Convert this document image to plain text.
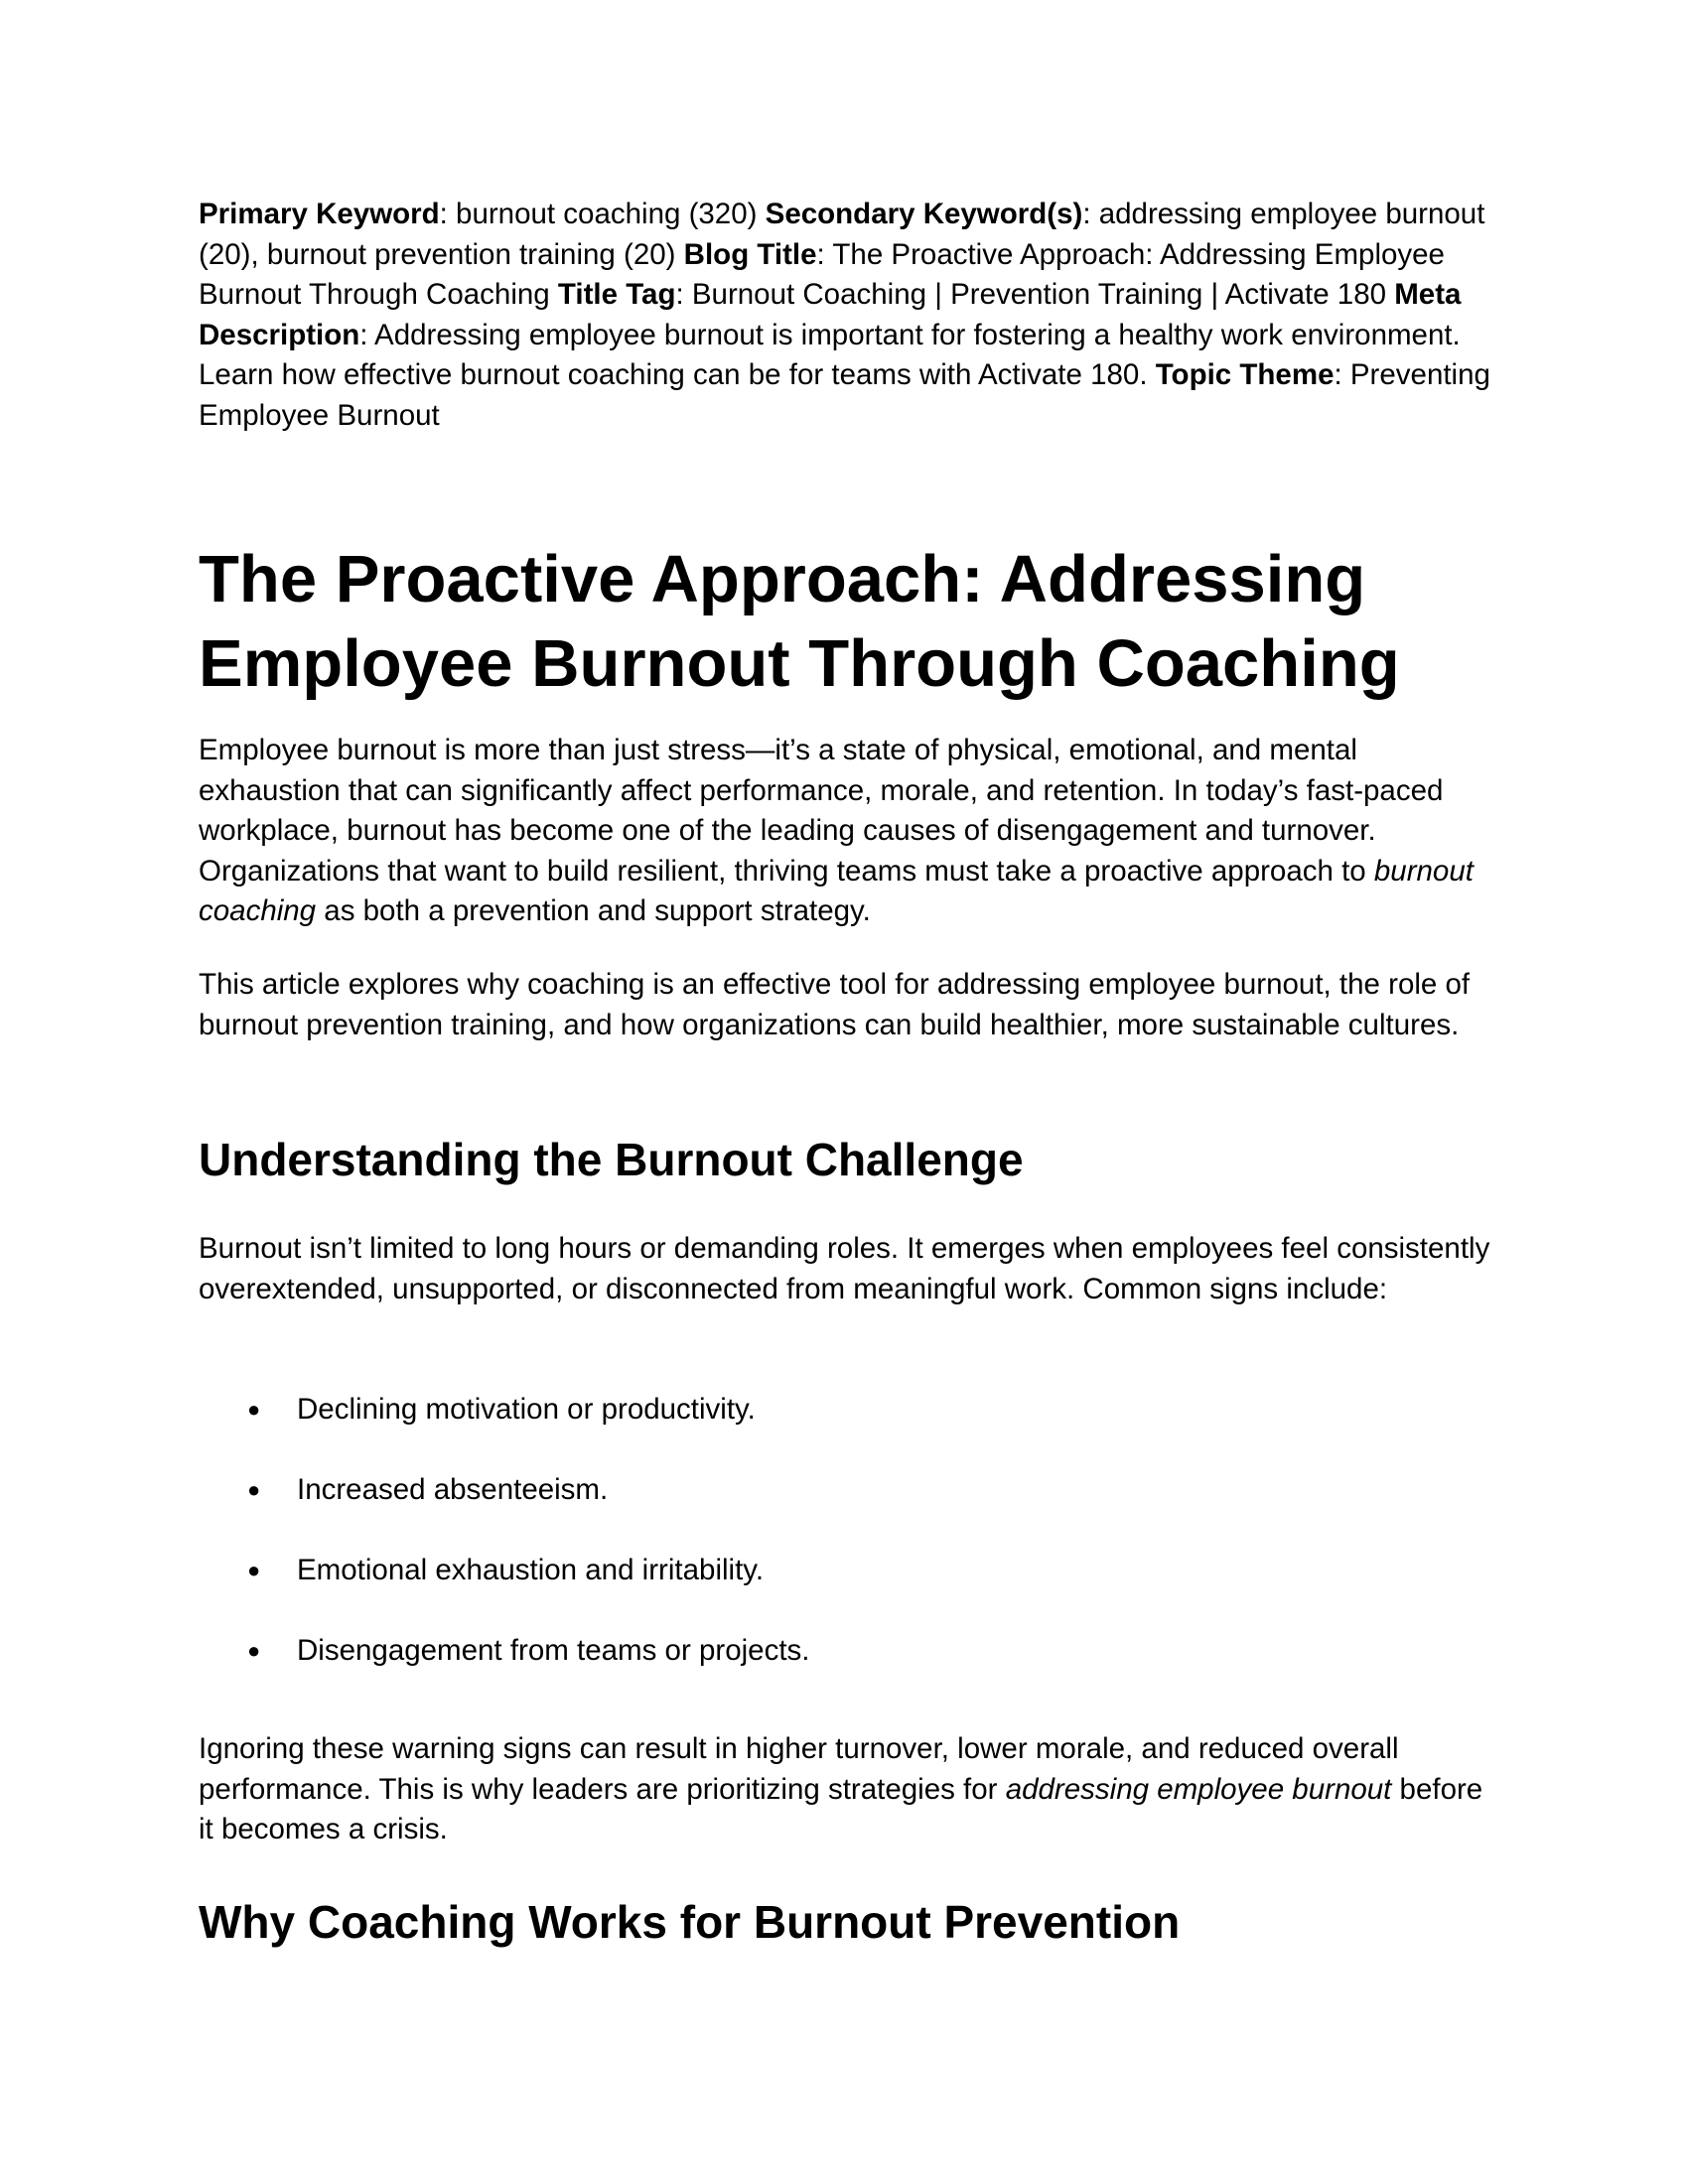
Primary Keyword: burnout coaching (320) Secondary Keyword(s): addressing employee burnout (20), burnout prevention training (20) Blog Title: The Proactive Approach: Addressing Employee Burnout Through Coaching Title Tag: Burnout Coaching | Prevention Training | Activate 180 Meta Description: Addressing employee burnout is important for fostering a healthy work environment. Learn how effective burnout coaching can be for teams with Activate 180. Topic Theme: Preventing Employee Burnout

The Proactive Approach: Addressing Employee Burnout Through Coaching

Employee burnout is more than just stress—it’s a state of physical, emotional, and mental exhaustion that can significantly affect performance, morale, and retention. In today’s fast-paced workplace, burnout has become one of the leading causes of disengagement and turnover. Organizations that want to build resilient, thriving teams must take a proactive approach to burnout coaching as both a prevention and support strategy.

This article explores why coaching is an effective tool for addressing employee burnout, the role of burnout prevention training, and how organizations can build healthier, more sustainable cultures.

Understanding the Burnout Challenge

Burnout isn’t limited to long hours or demanding roles. It emerges when employees feel consistently overextended, unsupported, or disconnected from meaningful work. Common signs include:

● Declining motivation or productivity.
● Increased absenteeism.
● Emotional exhaustion and irritability.
● Disengagement from teams or projects.

Ignoring these warning signs can result in higher turnover, lower morale, and reduced overall performance. This is why leaders are prioritizing strategies for addressing employee burnout before it becomes a crisis.

Why Coaching Works for Burnout Prevention
